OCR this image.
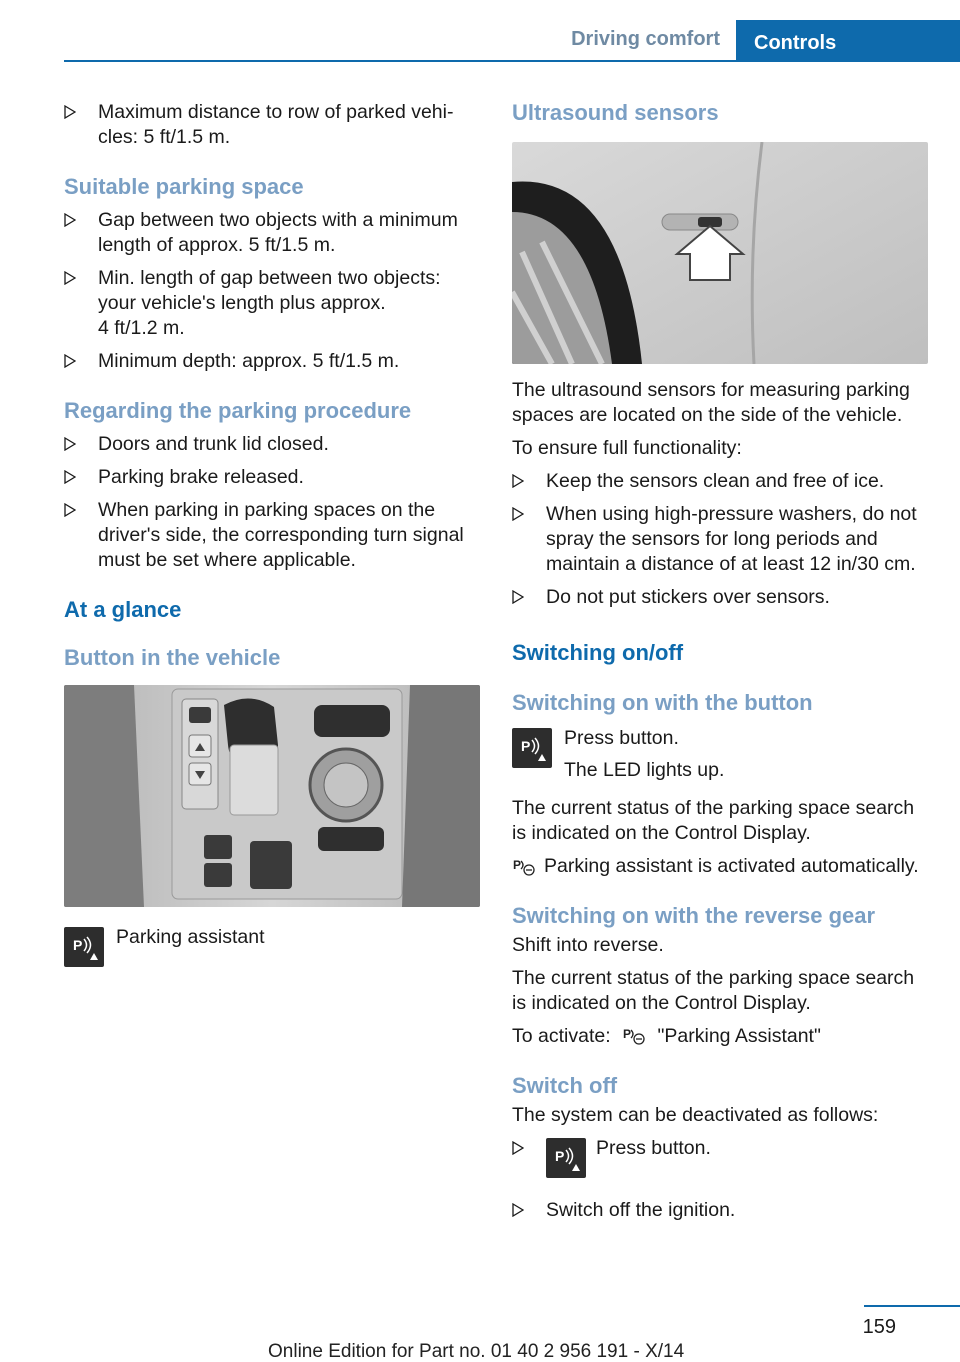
Driving comfort	Controls
Maximum distance to row of parked vehi-
cles: 5 ft/1.5 m.
Suitable parking space
Gap between two objects with a minimum length of approx. 5 ft/1.5 m.
Min. length of gap between two objects: your vehicle's length plus approx.
4 ft/1.2 m.
Minimum depth: approx. 5 ft/1.5 m.
Regarding the parking procedure
Doors and trunk lid closed.
Parking brake released.
When parking in parking spaces on the driver's side, the corresponding turn signal must be set where applicable.
At a glance
Button in the vehicle
P Parking assistant
Ultrasound sensors
The ultrasound sensors for measuring parking spaces are located on the side of the vehicle.
To ensure full functionality:
Keep the sensors clean and free of ice.
When using high-pressure washers, do not spray the sensors for long periods and maintain a distance of at least 12 in/30 cm.
Do not put stickers over sensors.
Switching on/off
Switching on with the button
P Press button.
The LED lights up.
The current status of the parking space search is indicated on the Control Display.
P Parking assistant is activated automatically.
Switching on with the reverse gear
Shift into reverse.
The current status of the parking space search is indicated on the Control Display.
To activate: P "Parking Assistant"
Switch off
The system can be deactivated as follows:
P Press button.
Switch off the ignition.
159
Online Edition for Part no. 01 40 2 956 191 - X/14
